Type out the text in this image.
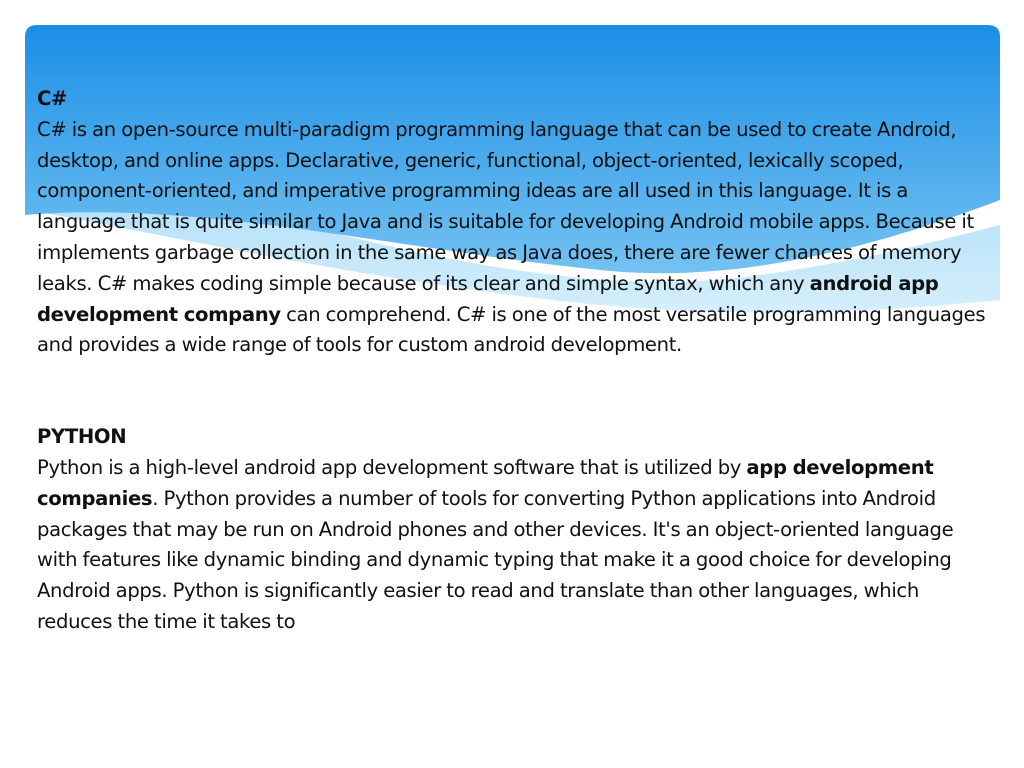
C#
C# is an open-source multi-paradigm programming language that can be used to create Android, desktop, and online apps. Declarative, generic, functional, object-oriented, lexically scoped, component-oriented, and imperative programming ideas are all used in this language. It is a language that is quite similar to Java and is suitable for developing Android mobile apps. Because it implements garbage collection in the same way as Java does, there are fewer chances of memory leaks. C# makes coding simple because of its clear and simple syntax, which any android app development company can comprehend. C# is one of the most versatile programming languages and provides a wide range of tools for custom android development.

PYTHON
Python is a high-level android app development software that is utilized by app development companies. Python provides a number of tools for converting Python applications into Android packages that may be run on Android phones and other devices. It's an object-oriented language with features like dynamic binding and dynamic typing that make it a good choice for developing Android apps. Python is significantly easier to read and translate than other languages, which reduces the time it takes to
